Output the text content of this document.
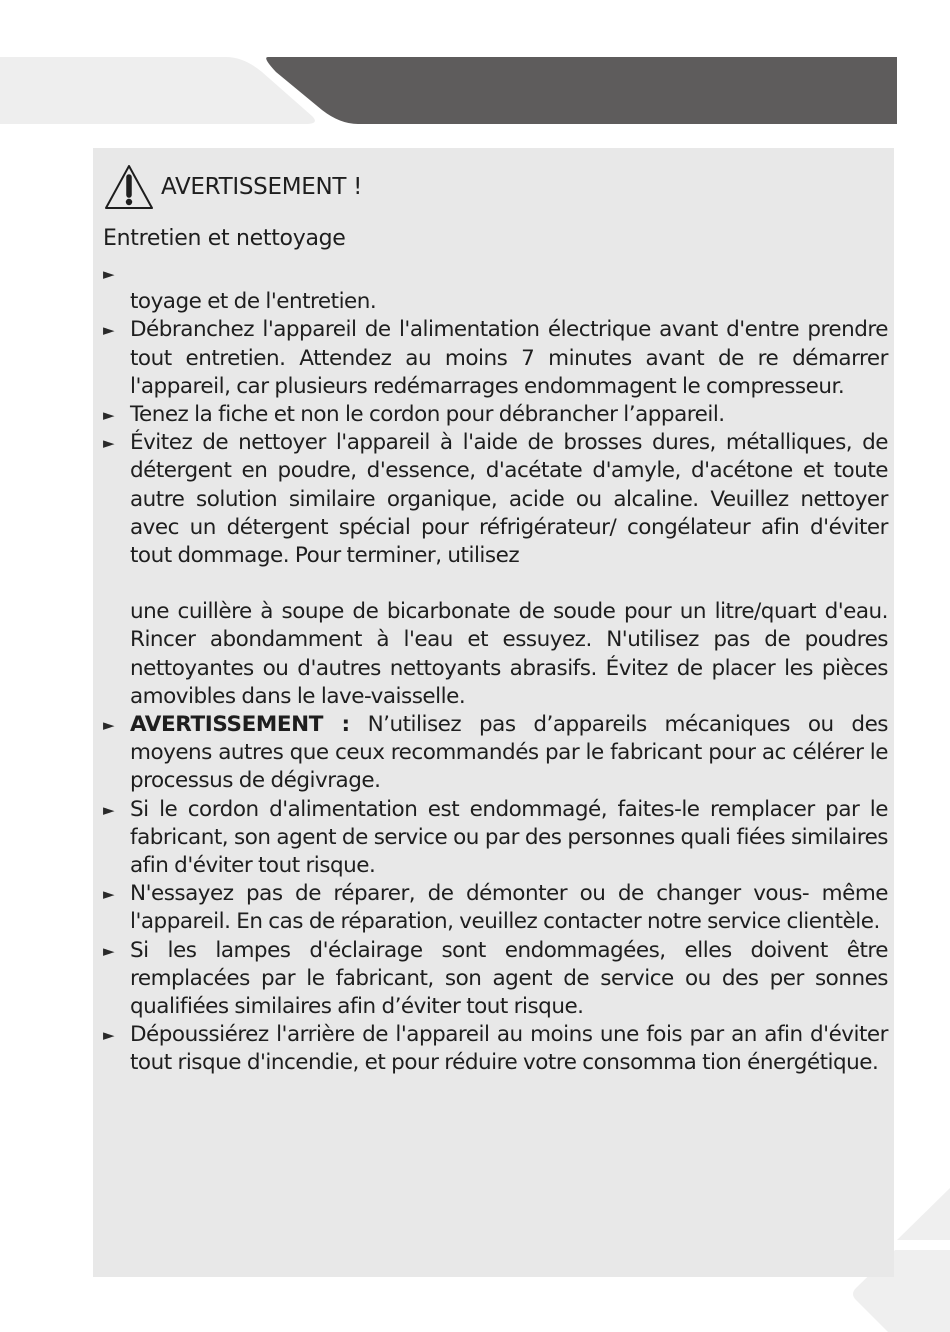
AVERTISSEMENT !
Entretien et nettoyage
►

toyage et de l'entretien.

► Débranchez l'appareil de l'alimentation électrique avant d'entre prendre tout entretien. Attendez au moins 7 minutes avant de re démarrer l'appareil, car plusieurs redémarrages endommagent le compresseur.

► Tenez la fiche et non le cordon pour débrancher l’appareil.

► Évitez de nettoyer l'appareil à l'aide de brosses dures, métalliques, de détergent en poudre, d'essence, d'acétate d'amyle, d'acétone et toute autre solution similaire organique, acide ou alcaline. Veuillez nettoyer avec un détergent spécial pour réfrigérateur/ congélateur afin d'éviter tout dommage. Pour terminer, utilisez

une cuillère à soupe de bicarbonate de soude pour un litre/quart d'eau. Rincer abondamment à l'eau et essuyez. N'utilisez pas de poudres nettoyantes ou d'autres nettoyants abrasifs. Évitez de placer les pièces amovibles dans le lave-vaisselle.

► AVERTISSEMENT : N’utilisez pas d’appareils mécaniques ou des moyens autres que ceux recommandés par le fabricant pour ac célérer le processus de dégivrage.

► Si le cordon d'alimentation est endommagé, faites-le remplacer par le fabricant, son agent de service ou par des personnes quali fiées similaires afin d'éviter tout risque.

► N'essayez pas de réparer, de démonter ou de changer vous- même l'appareil. En cas de réparation, veuillez contacter notre service clientèle.

► Si les lampes d'éclairage sont endommagées, elles doivent être remplacées par le fabricant, son agent de service ou des per sonnes qualifiées similaires afin d’éviter tout risque.

► Dépoussiérez l'arrière de l'appareil au moins une fois par an afin d'éviter tout risque d'incendie, et pour réduire votre consomma tion énergétique.
